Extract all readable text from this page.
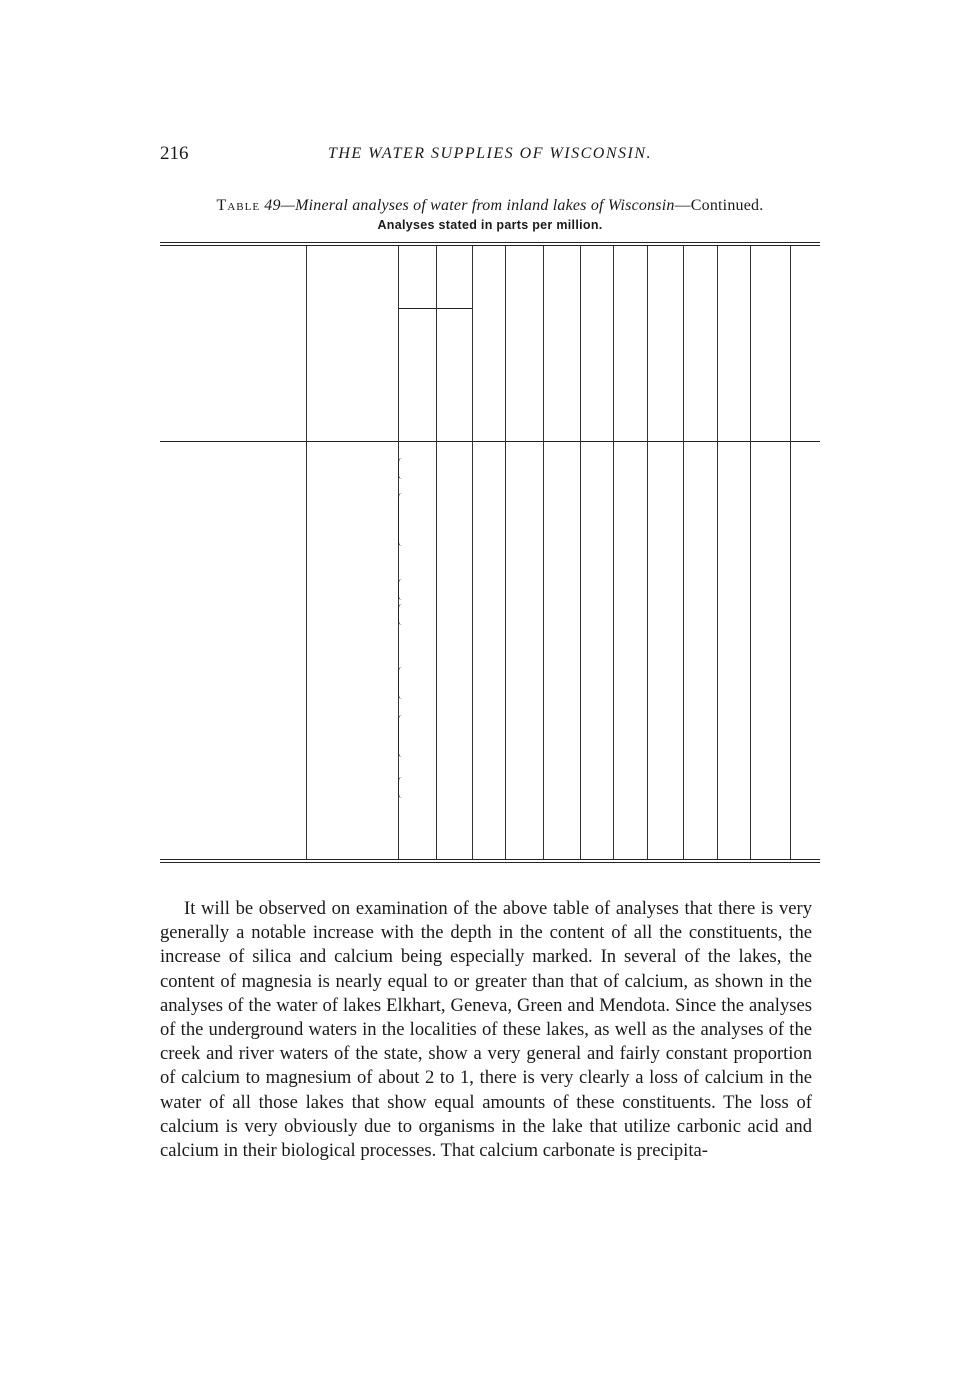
216	THE WATER SUPPLIES OF WISCONSIN.
Table 49—Mineral analyses of water from inland lakes of Wisconsin—Continued.
Analyses stated in parts per million.

It will be observed on examination of the above table of analyses that there is very generally a notable increase with the depth in the content of all the constituents, the increase of silica and calcium being especially marked. In several of the lakes, the content of magnesia is nearly equal to or greater than that of calcium, as shown in the analyses of the water of lakes Elkhart, Geneva, Green and Mendota. Since the analyses of the underground waters in the localities of these lakes, as well as the analyses of the creek and river waters of the state, show a very general and fairly constant proportion of calcium to magnesium of about 2 to 1, there is very clearly a loss of calcium in the water of all those lakes that show equal amounts of these constituents. The loss of calcium is very obviously due to organisms in the lake that utilize carbonic acid and calcium in their biological processes. That calcium carbonate is precipita-
